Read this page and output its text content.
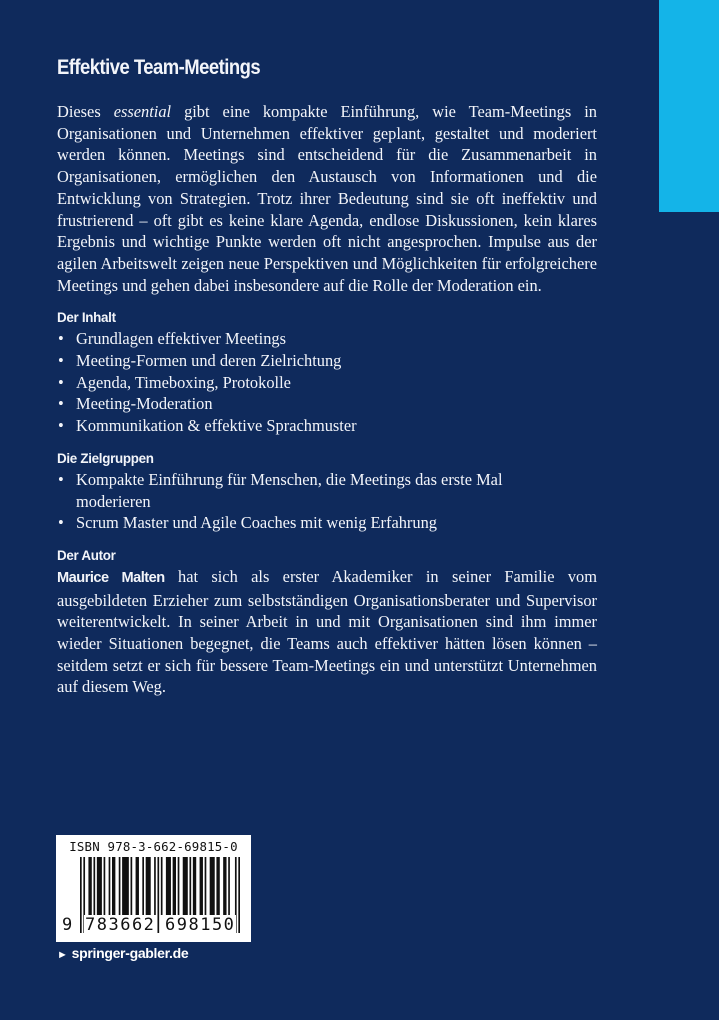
Effektive Team-Meetings

Dieses essential gibt eine kompakte Einführung, wie Team-Meetings in Organisationen und Unternehmen effektiver geplant, gestaltet und moderiert werden können. Meetings sind entscheidend für die Zusammenarbeit in Organisationen, ermöglichen den Austausch von Informationen und die Entwicklung von Strategien. Trotz ihrer Bedeutung sind sie oft ineffektiv und frustrierend – oft gibt es keine klare Agenda, endlose Diskussionen, kein klares Ergebnis und wichtige Punkte werden oft nicht angesprochen. Impulse aus der agilen Arbeitswelt zeigen neue Perspektiven und Möglichkeiten für erfolgreichere Meetings und gehen dabei insbesondere auf die Rolle der Moderation ein.

Der Inhalt
• Grundlagen effektiver Meetings
• Meeting-Formen und deren Zielrichtung
• Agenda, Timeboxing, Protokolle
• Meeting-Moderation
• Kommunikation & effektive Sprachmuster
Die Zielgruppen
• Kompakte Einführung für Menschen, die Meetings das erste Mal moderieren
• Scrum Master und Agile Coaches mit wenig Erfahrung
Der Autor

Maurice Malten hat sich als erster Akademiker in seiner Familie vom ausgebildeten Erzieher zum selbstständigen Organisationsberater und Supervisor weiterentwickelt. In seiner Arbeit in und mit Organisationen sind ihm immer wieder Situationen begegnet, die Teams auch effektiver hätten lösen können – seitdem setzt er sich für bessere Team-Meetings ein und unterstützt Unternehmen auf diesem Weg.

ISBN 978-3-662-69815-0
9 783662 698150
► springer-gabler.de
